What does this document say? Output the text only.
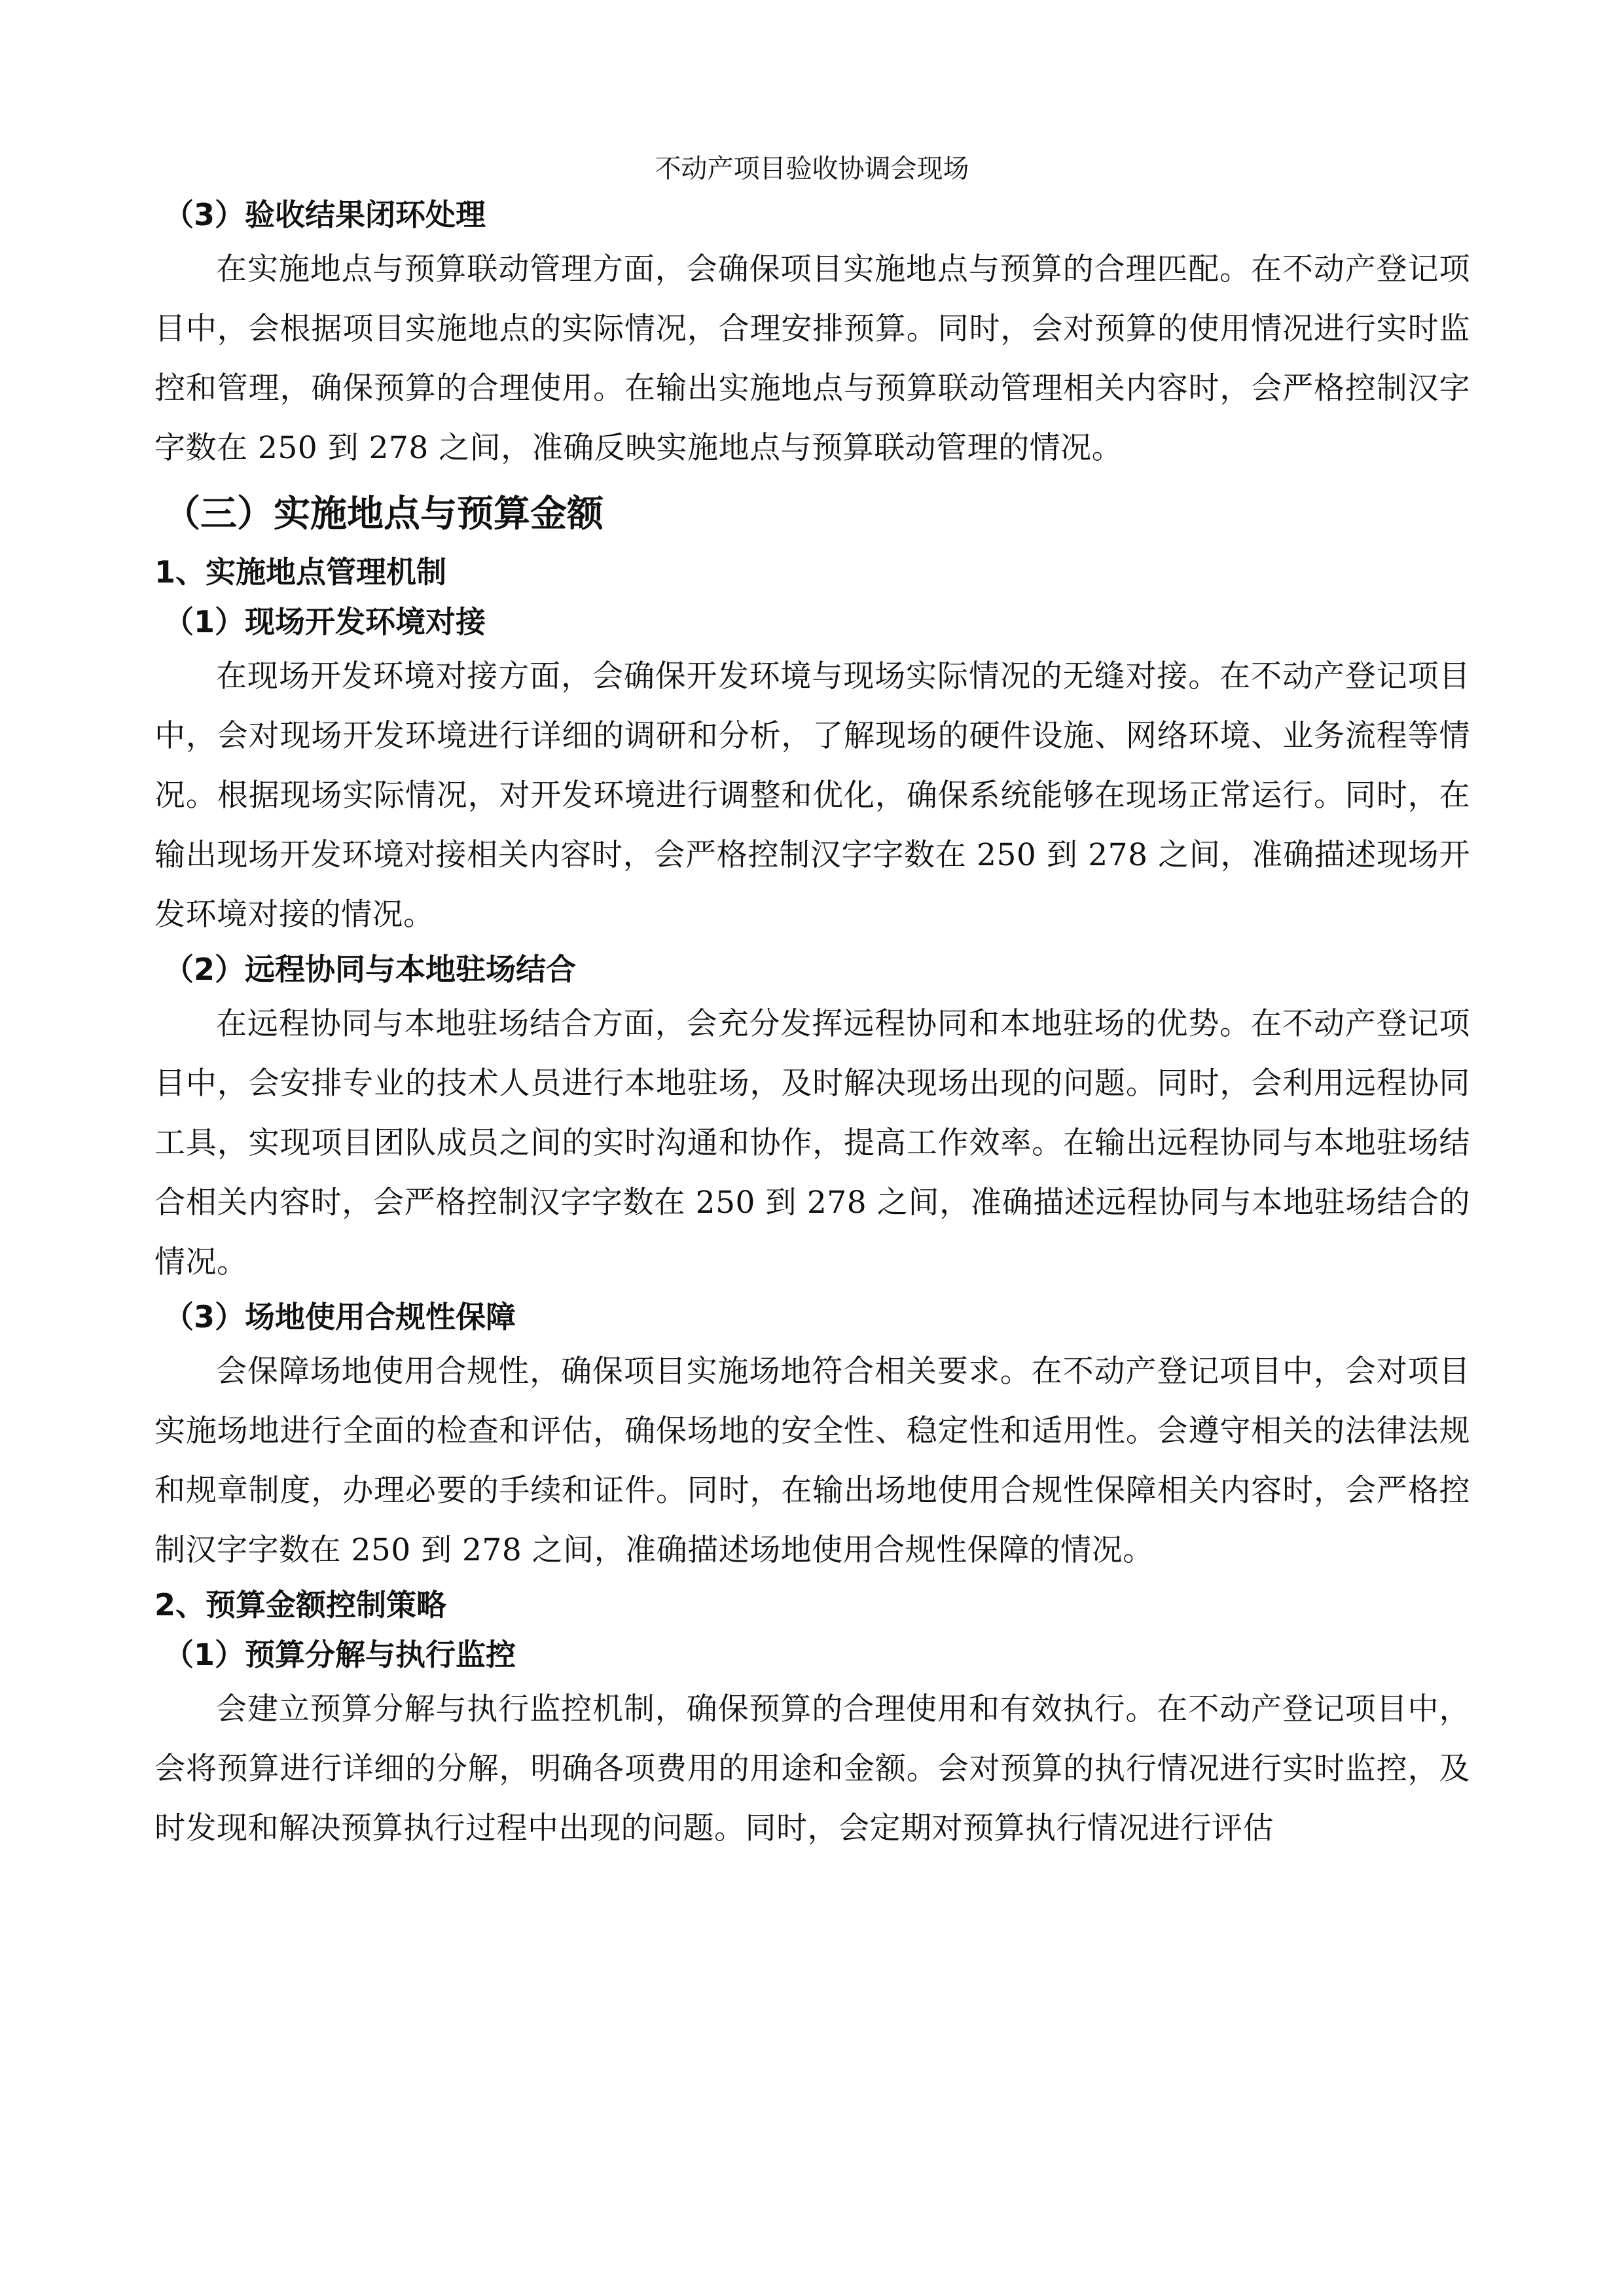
不动产项目验收协调会现场
（3）验收结果闭环处理

在实施地点与预算联动管理方面，会确保项目实施地点与预算的合理匹配。在不动产登记项目中，会根据项目实施地点的实际情况，合理安排预算。同时，会对预算的使用情况进行实时监控和管理，确保预算的合理使用。在输出实施地点与预算联动管理相关内容时，会严格控制汉字字数在 250 到 278 之间，准确反映实施地点与预算联动管理的情况。

（三）实施地点与预算金额
1、实施地点管理机制
（1）现场开发环境对接

在现场开发环境对接方面，会确保开发环境与现场实际情况的无缝对接。在不动产登记项目中，会对现场开发环境进行详细的调研和分析，了解现场的硬件设施、网络环境、业务流程等情况。根据现场实际情况，对开发环境进行调整和优化，确保系统能够在现场正常运行。同时，在输出现场开发环境对接相关内容时，会严格控制汉字字数在 250 到 278 之间，准确描述现场开发环境对接的情况。

（2）远程协同与本地驻场结合

在远程协同与本地驻场结合方面，会充分发挥远程协同和本地驻场的优势。在不动产登记项目中，会安排专业的技术人员进行本地驻场，及时解决现场出现的问题。同时，会利用远程协同工具，实现项目团队成员之间的实时沟通和协作，提高工作效率。在输出远程协同与本地驻场结合相关内容时，会严格控制汉字字数在 250 到 278 之间，准确描述远程协同与本地驻场结合的情况。

（3）场地使用合规性保障

会保障场地使用合规性，确保项目实施场地符合相关要求。在不动产登记项目中，会对项目实施场地进行全面的检查和评估，确保场地的安全性、稳定性和适用性。会遵守相关的法律法规和规章制度，办理必要的手续和证件。同时，在输出场地使用合规性保障相关内容时，会严格控制汉字字数在 250 到 278 之间，准确描述场地使用合规性保障的情况。

2、预算金额控制策略
（1）预算分解与执行监控

会建立预算分解与执行监控机制，确保预算的合理使用和有效执行。在不动产登记项目中，会将预算进行详细的分解，明确各项费用的用途和金额。会对预算的执行情况进行实时监控，及时发现和解决预算执行过程中出现的问题。同时，会定期对预算执行情况进行评估
